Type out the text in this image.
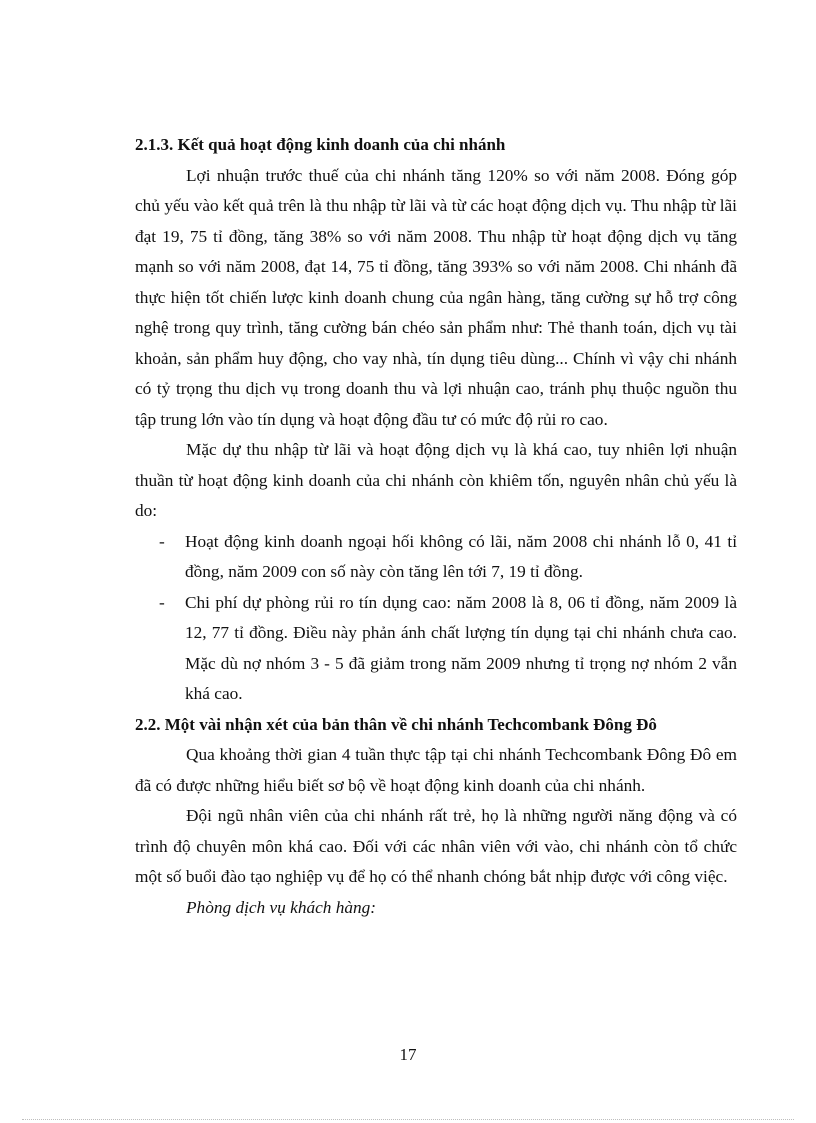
2.1.3. Kết quả hoạt động kinh doanh của chi nhánh

Lợi nhuận trước thuế của chi nhánh tăng 120% so với năm 2008. Đóng góp chủ yếu vào kết quả trên là thu nhập từ lãi và từ các hoạt động dịch vụ. Thu nhập từ lãi đạt 19, 75 tỉ đồng, tăng 38% so với năm 2008. Thu nhập từ hoạt động dịch vụ tăng mạnh so với năm 2008, đạt 14, 75 tỉ đồng, tăng 393% so với năm 2008. Chi nhánh đã thực hiện tốt chiến lược kinh doanh chung của ngân hàng, tăng cường sự hỗ trợ công nghệ trong quy trình, tăng cường bán chéo sản phẩm như: Thẻ thanh toán, dịch vụ tài khoản, sản phẩm huy động, cho vay nhà, tín dụng tiêu dùng... Chính vì vậy chi nhánh có tỷ trọng thu dịch vụ trong doanh thu và lợi nhuận cao, tránh phụ thuộc nguồn thu tập trung lớn vào tín dụng và hoạt động đầu tư có mức độ rủi ro cao.

Mặc dự thu nhập từ lãi và hoạt động dịch vụ là khá cao, tuy nhiên lợi nhuận thuần từ hoạt động kinh doanh của chi nhánh còn khiêm tốn, nguyên nhân chủ yếu là do:

- Hoạt động kinh doanh ngoại hối không có lãi, năm 2008 chi nhánh lỗ 0, 41 tỉ đồng, năm 2009 con số này còn tăng lên tới 7, 19 tỉ đồng.
- Chi phí dự phòng rủi ro tín dụng cao: năm 2008 là 8, 06 tỉ đồng, năm 2009 là 12, 77 tỉ đồng. Điều này phản ánh chất lượng tín dụng tại chi nhánh chưa cao. Mặc dù nợ nhóm 3 - 5 đã giảm trong năm 2009 nhưng tỉ trọng nợ nhóm 2 vẫn khá cao.

2.2. Một vài nhận xét của bản thân về chi nhánh Techcombank Đông Đô

Qua khoảng thời gian 4 tuần thực tập tại chi nhánh Techcombank Đông Đô em đã có được những hiểu biết sơ bộ về hoạt động kinh doanh của chi nhánh.

Đội ngũ nhân viên của chi nhánh rất trẻ, họ là những người năng động và có trình độ chuyên môn khá cao. Đối với các nhân viên với vào, chi nhánh còn tổ chức một số buổi đào tạo nghiệp vụ để họ có thể nhanh chóng bắt nhịp được với công việc.

Phòng dịch vụ khách hàng:

17
